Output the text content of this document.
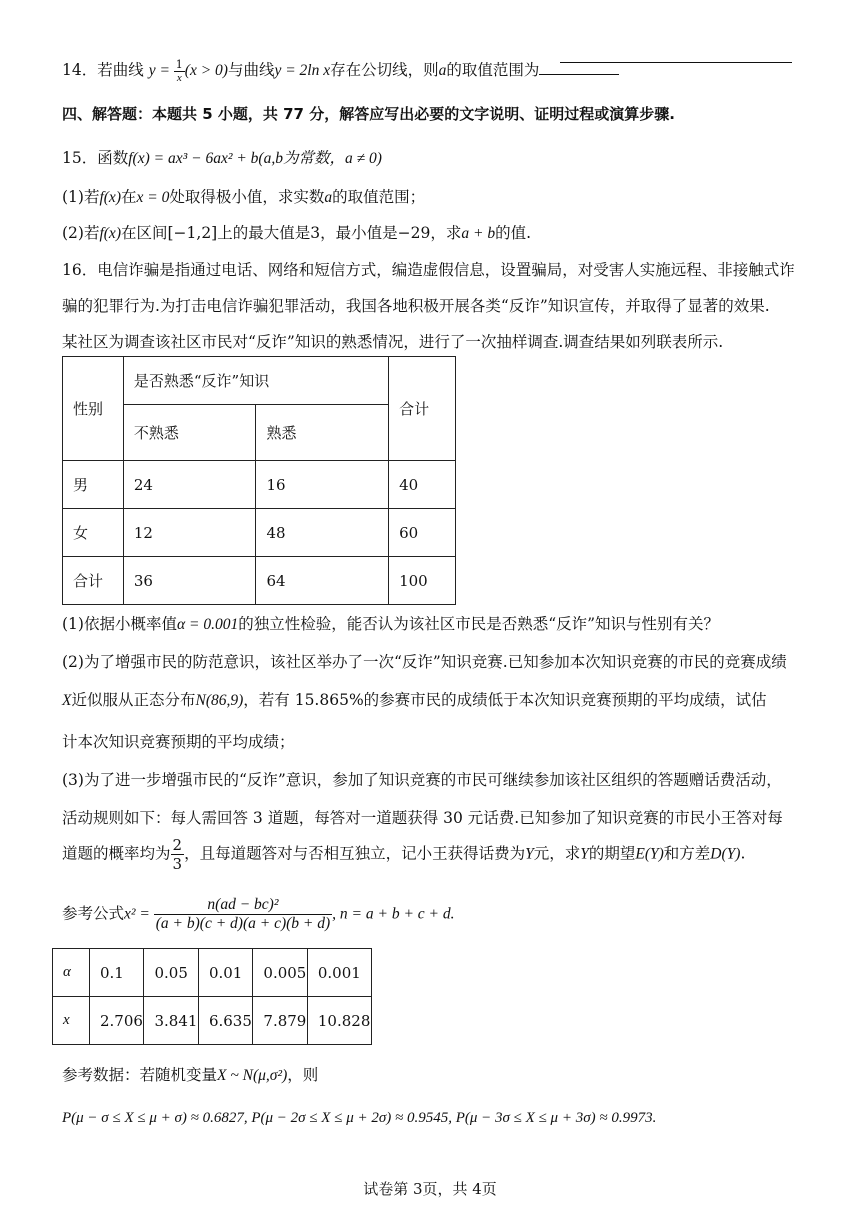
14．若曲线 $y = \frac{1}{x} (x > 0)$与曲线y = 2ln x存在公切线，则a的取值范围为
四、解答题：本题共 5 小题，共 77 分，解答应写出必要的文字说明、证明过程或演算步骤.
15．函数f(x) = ax³ − 6ax² + b(a,b为常数，a ≠ 0)
(1)若f(x)在x = 0处取得极小值，求实数a的取值范围；
(2)若f(x)在区间[−1,2]上的最大值是3，最小值是−29，求a + b的值.
16．电信诈骗是指通过电话、网络和短信方式，编造虚假信息，设置骗局，对受害人实施远程、非接触式诈
骗的犯罪行为.为打击电信诈骗犯罪活动，我国各地积极开展各类“反诈”知识宣传，并取得了显著的效果.
某社区为调查该社区市民对“反诈”知识的熟悉情况，进行了一次抽样调查.调查结果如列联表所示.
性别	是否熟悉“反诈”知识		合计
	不熟悉	熟悉	
男	24	16	40
女	12	48	60
合计	36	64	100
(1)依据小概率值α = 0.001的独立性检验，能否认为该社区市民是否熟悉“反诈”知识与性别有关？
(2)为了增强市民的防范意识，该社区举办了一次“反诈”知识竞赛.已知参加本次知识竞赛的市民的竞赛成绩
X近似服从正态分布N(86,9)，若有 15.865%的参赛市民的成绩低于本次知识竞赛预期的平均成绩，试估
计本次知识竞赛预期的平均成绩；
(3)为了进一步增强市民的“反诈”意识，参加了知识竞赛的市民可继续参加该社区组织的答题赠话费活动，
活动规则如下：每人需回答 3 道题，每答对一道题获得 30 元话费.已知参加了知识竞赛的市民小王答对每
道题的概率均为 $\frac{2}{3}$ ，且每道题答对与否相互独立，记小王获得话费为Y元，求Y的期望E(Y)和方差D(Y).
参考公式$x^2 = \frac{\text{n(ad − bc)²}}{(a + b)(c + d)(a + c)(b + d)}$ , n = a + b + c + d.
α	0.1	0.05	0.01	0.005	0.001
x	2.706	3.841	6.635	7.879	10.828
参考数据：若随机变量X ~ N(μ,σ²)，则
P(μ − σ ≤ X ≤ μ + σ) ≈ 0.6827, P(μ − 2σ ≤ X ≤ μ + 2σ) ≈ 0.9545, P(μ − 3σ ≤ X ≤ μ + 3σ) ≈ 0.9973.
试卷第 3页，共 4页
